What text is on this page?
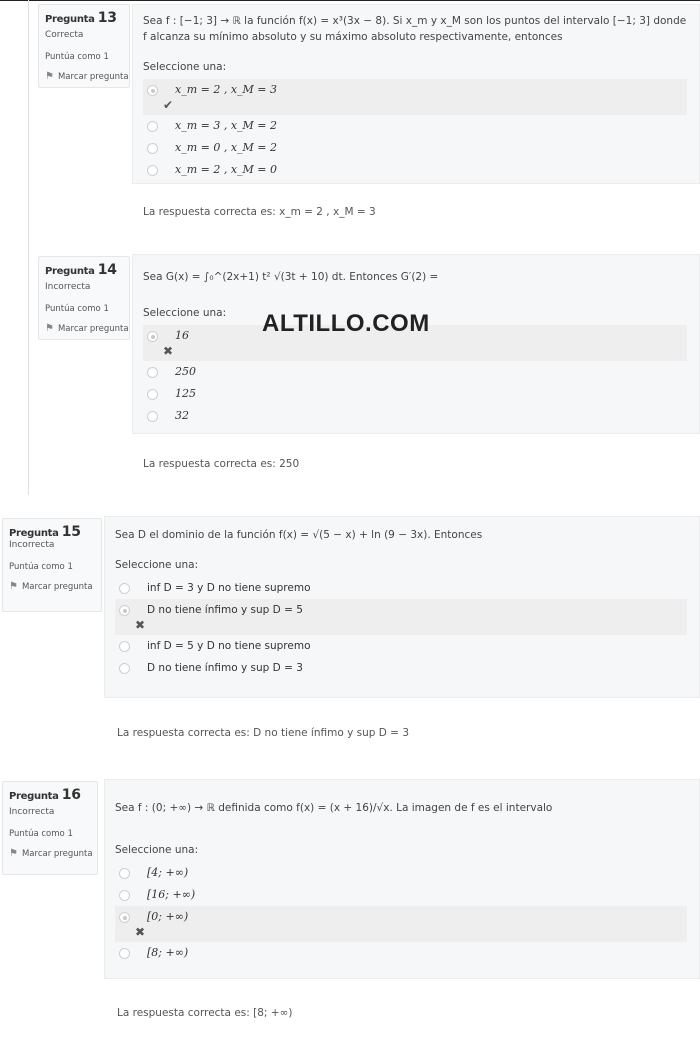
Pregunta 13
Correcta
Puntúa como 1
⚑ Marcar pregunta
Sea f : [−1; 3] → ℝ la función f(x) = x³(3x − 8). Si x_m y x_M son los puntos del intervalo [−1; 3] donde f alcanza su mínimo absoluto y su máximo absoluto respectivamente, entonces
Seleccione una:
x_m = 2 , x_M = 3
✔
x_m = 3 , x_M = 2
x_m = 0 , x_M = 2
x_m = 2 , x_M = 0
La respuesta correcta es: x_m = 2 , x_M = 3
Pregunta 14
Incorrecta
Puntúa como 1
⚑ Marcar pregunta
Sea G(x) = ∫₀^(2x+1) t² √(3t + 10) dt. Entonces G′(2) =
Seleccione una:
16
✖
250
125
32
La respuesta correcta es: 250
ALTILLO.COM
Pregunta 15
Incorrecta
Puntúa como 1
⚑ Marcar pregunta
Sea D el dominio de la función f(x) = √(5 − x) + ln (9 − 3x). Entonces
Seleccione una:
inf D = 3 y D no tiene supremo
D no tiene ínfimo y sup D = 5
✖
inf D = 5 y D no tiene supremo
D no tiene ínfimo y sup D = 3
La respuesta correcta es: D no tiene ínfimo y sup D = 3
Pregunta 16
Incorrecta
Puntúa como 1
⚑ Marcar pregunta
Sea f : (0; +∞) → ℝ definida como f(x) = (x + 16)/√x. La imagen de f es el intervalo
Seleccione una:
[4; +∞)
[16; +∞)
[0; +∞)
✖
[8; +∞)
La respuesta correcta es: [8; +∞)
